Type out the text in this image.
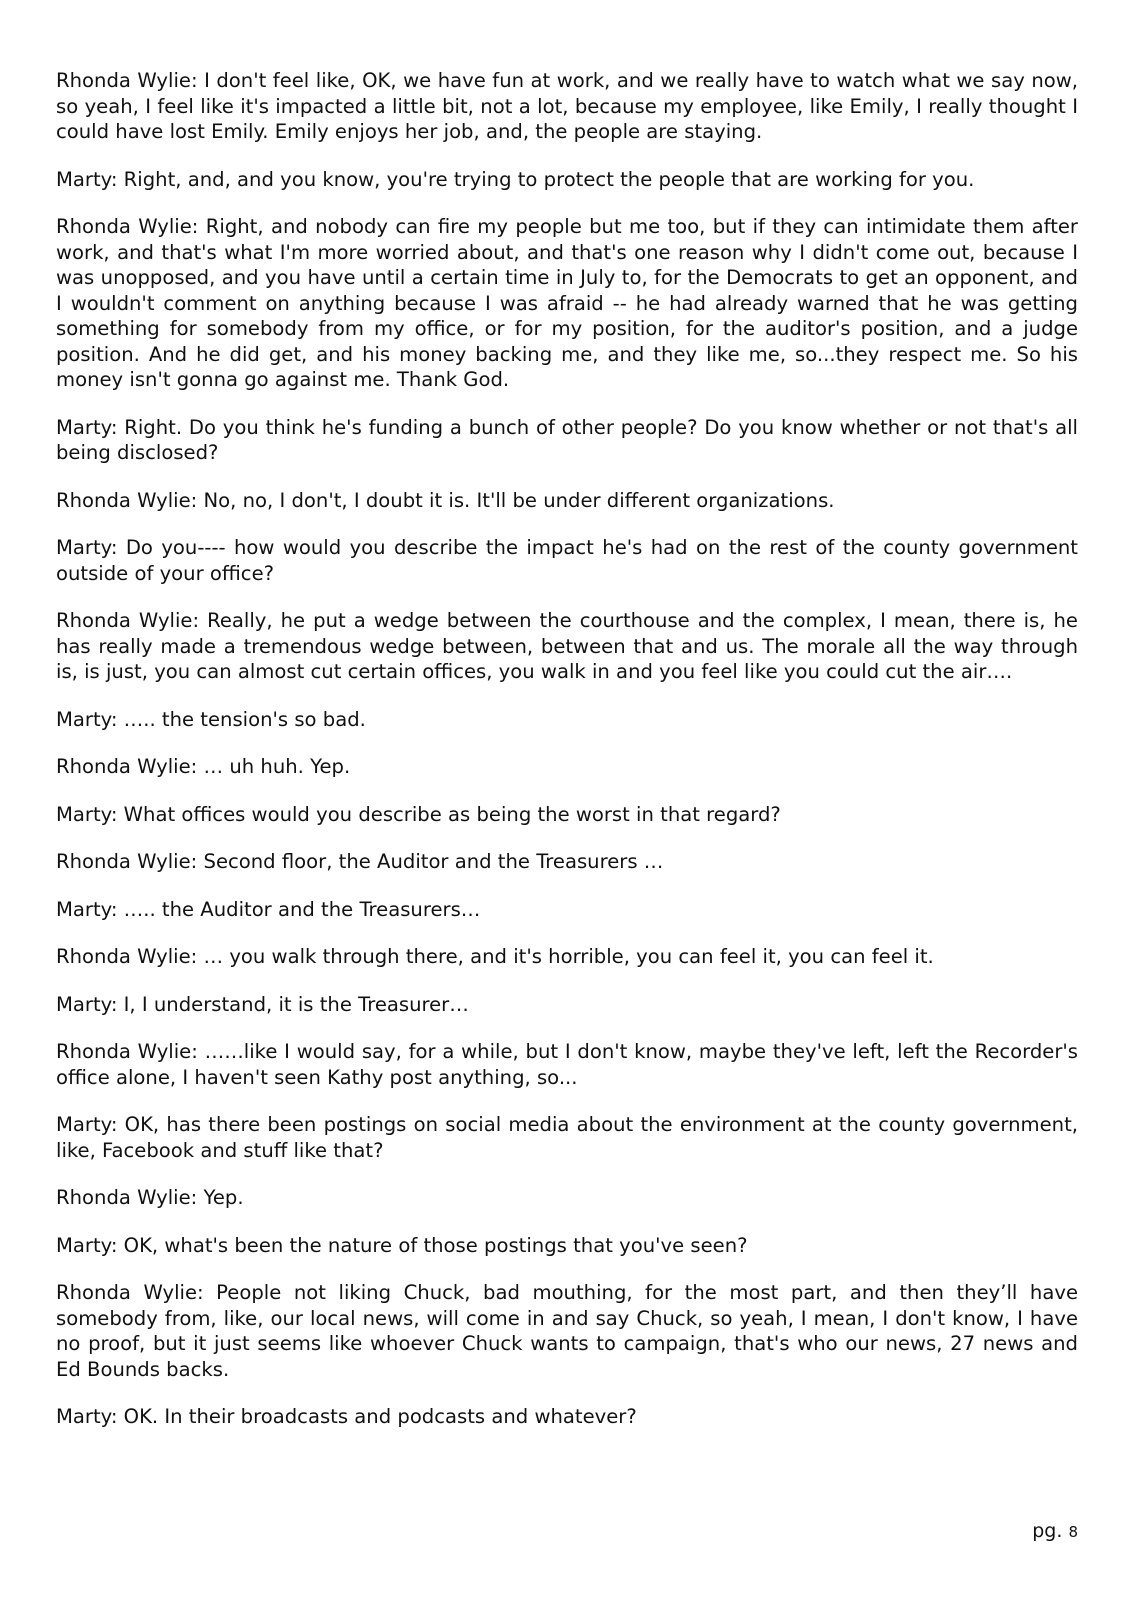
Rhonda Wylie: I don't feel like, OK, we have fun at work, and we really have to watch what we say now, so yeah, I feel like it's impacted a little bit, not a lot, because my employee, like Emily, I really thought I could have lost Emily. Emily enjoys her job, and, the people are staying.

Marty: Right, and, and you know, you're trying to protect the people that are working for you.

Rhonda Wylie: Right, and nobody can fire my people but me too, but if they can intimidate them after work, and that's what I'm more worried about, and that's one reason why I didn't come out, because I was unopposed, and you have until a certain time in July to, for the Democrats to get an opponent, and I wouldn't comment on anything because I was afraid -- he had already warned that he was getting something for somebody from my office, or for my position, for the auditor's position, and a judge position. And he did get, and his money backing me, and they like me, so...they respect me. So his money isn't gonna go against me. Thank God.

Marty: Right. Do you think he's funding a bunch of other people? Do you know whether or not that's all being disclosed?

Rhonda Wylie: No, no, I don't, I doubt it is. It'll be under different organizations.

Marty: Do you---- how would you describe the impact he's had on the rest of the county government outside of your office?

Rhonda Wylie: Really, he put a wedge between the courthouse and the complex, I mean, there is, he has really made a tremendous wedge between, between that and us. The morale all the way through is, is just, you can almost cut certain offices, you walk in and you feel like you could cut the air….

Marty: ….. the tension's so bad.

Rhonda Wylie: … uh huh. Yep.

Marty: What offices would you describe as being the worst in that regard?

Rhonda Wylie: Second floor, the Auditor and the Treasurers …

Marty: ….. the Auditor and the Treasurers…

Rhonda Wylie: … you walk through there, and it's horrible, you can feel it, you can feel it.

Marty: I, I understand, it is the Treasurer…

Rhonda Wylie: ……like I would say, for a while, but I don't know, maybe they've left, left the Recorder's office alone, I haven't seen Kathy post anything, so...

Marty: OK, has there been postings on social media about the environment at the county government, like, Facebook and stuff like that?

Rhonda Wylie: Yep.

Marty: OK, what's been the nature of those postings that you've seen?

Rhonda Wylie: People not liking Chuck, bad mouthing, for the most part, and then they’ll have somebody from, like, our local news, will come in and say Chuck, so yeah, I mean, I don't know, I have no proof, but it just seems like whoever Chuck wants to campaign, that's who our news, 27 news and Ed Bounds backs.

Marty: OK. In their broadcasts and podcasts and whatever?

pg. 8
